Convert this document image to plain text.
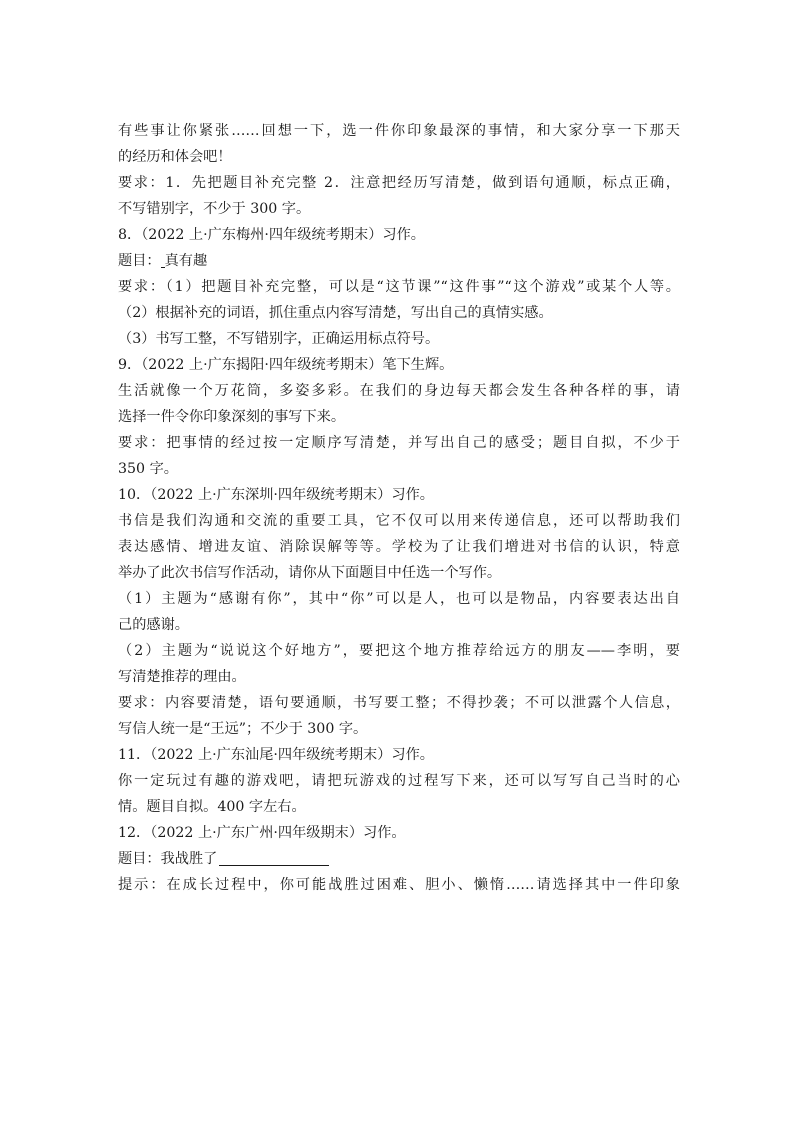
有些事让你紧张……回想一下，选一件你印象最深的事情，和大家分享一下那天
的经历和体会吧！
要求：1．先把题目补充完整 2．注意把经历写清楚，做到语句通顺，标点正确，
不写错别字，不少于 300 字。
8．（2022 上·广东梅州·四年级统考期末）习作。
题目： 真有趣
要求：（1）把题目补充完整，可以是“这节课”“这件事”“这个游戏”或某个人等。
（2）根据补充的词语，抓住重点内容写清楚，写出自己的真情实感。
（3）书写工整，不写错别字，正确运用标点符号。
9．（2022 上·广东揭阳·四年级统考期末）笔下生辉。
生活就像一个万花筒，多姿多彩。在我们的身边每天都会发生各种各样的事，请
选择一件令你印象深刻的事写下来。
要求：把事情的经过按一定顺序写清楚，并写出自己的感受；题目自拟，不少于
350 字。
10．（2022 上·广东深圳·四年级统考期末）习作。
书信是我们沟通和交流的重要工具，它不仅可以用来传递信息，还可以帮助我们
表达感情、增进友谊、消除误解等等。学校为了让我们增进对书信的认识，特意
举办了此次书信写作活动，请你从下面题目中任选一个写作。
（1）主题为“感谢有你”，其中“你”可以是人，也可以是物品，内容要表达出自
己的感谢。
（2）主题为“说说这个好地方”，要把这个地方推荐给远方的朋友——李明，要
写清楚推荐的理由。
要求：内容要清楚，语句要通顺，书写要工整；不得抄袭；不可以泄露个人信息，
写信人统一是“王远”；不少于 300 字。
11．（2022 上·广东汕尾·四年级统考期末）习作。
你一定玩过有趣的游戏吧，请把玩游戏的过程写下来，还可以写写自己当时的心
情。题目自拟。400 字左右。
12．（2022 上·广东广州·四年级期末）习作。
题目：我战胜了
提示：在成长过程中，你可能战胜过困难、胆小、懒惰……请选择其中一件印象
